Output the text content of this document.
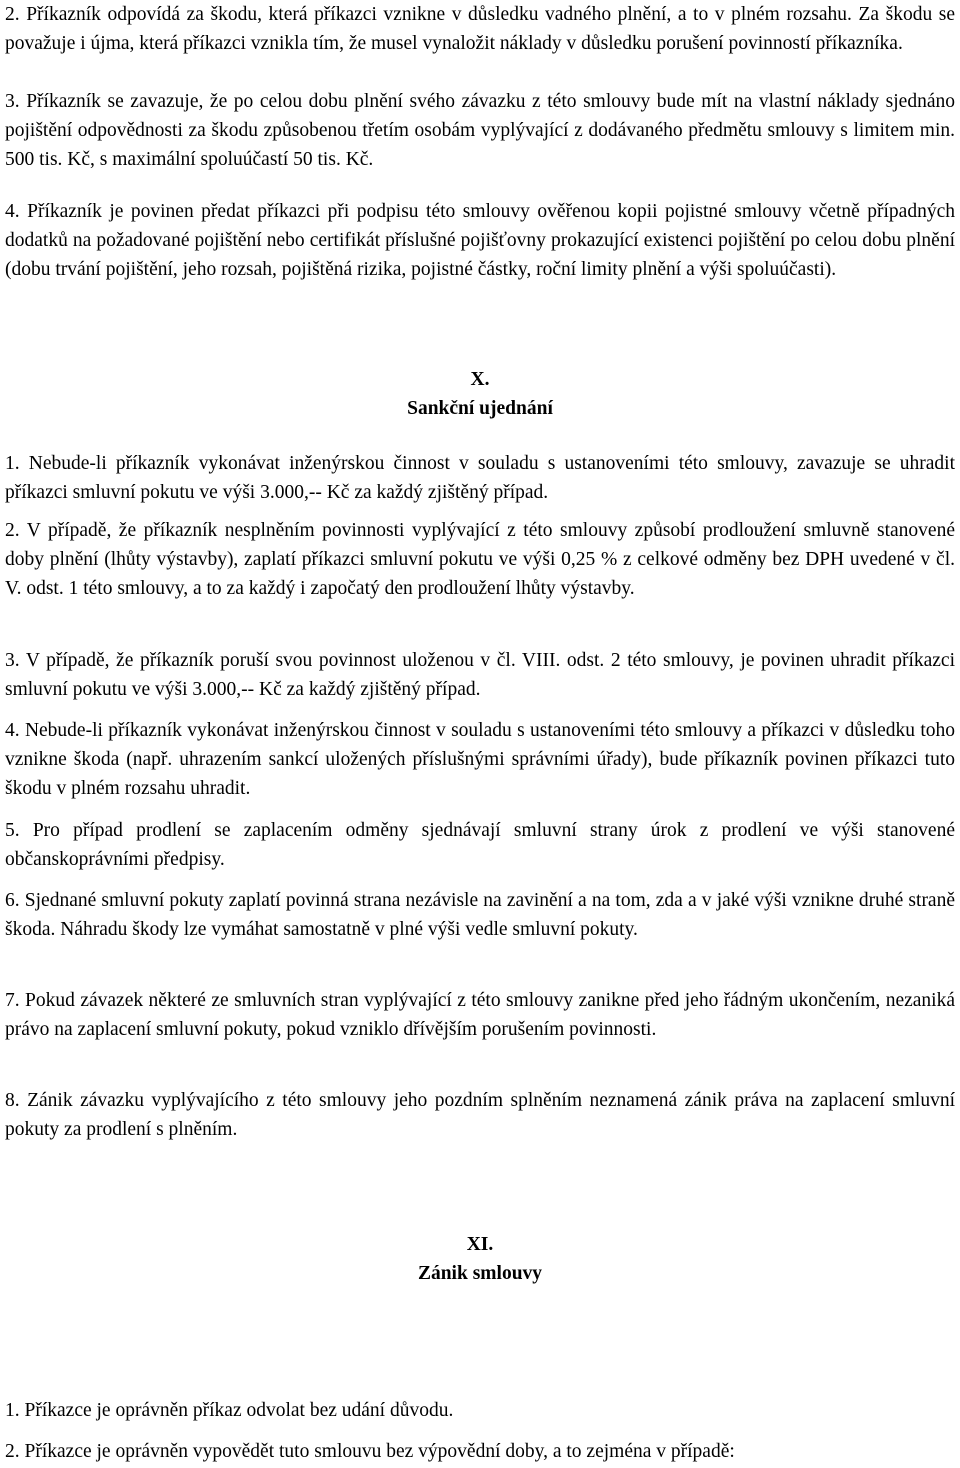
2. Příkazník odpovídá za škodu, která příkazci vznikne v důsledku vadného plnění, a to v plném rozsahu. Za škodu se považuje i újma, která příkazci vznikla tím, že musel vynaložit náklady v důsledku porušení povinností příkazníka.

3. Příkazník se zavazuje, že po celou dobu plnění svého závazku z této smlouvy bude mít na vlastní náklady sjednáno pojištění odpovědnosti za škodu způsobenou třetím osobám vyplývající z dodávaného předmětu smlouvy s limitem min. 500 tis. Kč, s maximální spoluúčastí 50 tis. Kč.

4. Příkazník je povinen předat příkazci při podpisu této smlouvy ověřenou kopii pojistné smlouvy včetně případných dodatků na požadované pojištění nebo certifikát příslušné pojišťovny prokazující existenci pojištění po celou dobu plnění (dobu trvání pojištění, jeho rozsah, pojištěná rizika, pojistné částky, roční limity plnění a výši spoluúčasti).

X.
Sankční ujednání

1. Nebude-li příkazník vykonávat inženýrskou činnost v souladu s ustanoveními této smlouvy, zavazuje se uhradit příkazci smluvní pokutu ve výši 3.000,-- Kč za každý zjištěný případ.

2. V případě, že příkazník nesplněním povinnosti vyplývající z této smlouvy způsobí prodloužení smluvně stanovené doby plnění (lhůty výstavby), zaplatí příkazci smluvní pokutu ve výši 0,25 % z celkové odměny bez DPH uvedené v čl. V. odst. 1 této smlouvy, a to za každý i započatý den prodloužení lhůty výstavby.

3. V případě, že příkazník poruší svou povinnost uloženou v čl. VIII. odst. 2 této smlouvy, je povinen uhradit příkazci smluvní pokutu ve výši 3.000,-- Kč za každý zjištěný případ.

4. Nebude-li příkazník vykonávat inženýrskou činnost v souladu s ustanoveními této smlouvy a příkazci v důsledku toho vznikne škoda (např. uhrazením sankcí uložených příslušnými správními úřady), bude příkazník povinen příkazci tuto škodu v plném rozsahu uhradit.

5. Pro případ prodlení se zaplacením odměny sjednávají smluvní strany úrok z prodlení ve výši stanovené občanskoprávními předpisy.

6. Sjednané smluvní pokuty zaplatí povinná strana nezávisle na zavinění a na tom, zda a v jaké výši vznikne druhé straně škoda. Náhradu škody lze vymáhat samostatně v plné výši vedle smluvní pokuty.

7. Pokud závazek některé ze smluvních stran vyplývající z této smlouvy zanikne před jeho řádným ukončením, nezaniká právo na zaplacení smluvní pokuty, pokud vzniklo dřívějším porušením povinnosti.

8. Zánik závazku vyplývajícího z této smlouvy jeho pozdním splněním neznamená zánik práva na zaplacení smluvní pokuty za prodlení s plněním.

XI.
Zánik smlouvy

1. Příkazce je oprávněn příkaz odvolat bez udání důvodu.

2. Příkazce je oprávněn vypovědět tuto smlouvu bez výpovědní doby, a to zejména v případě:
